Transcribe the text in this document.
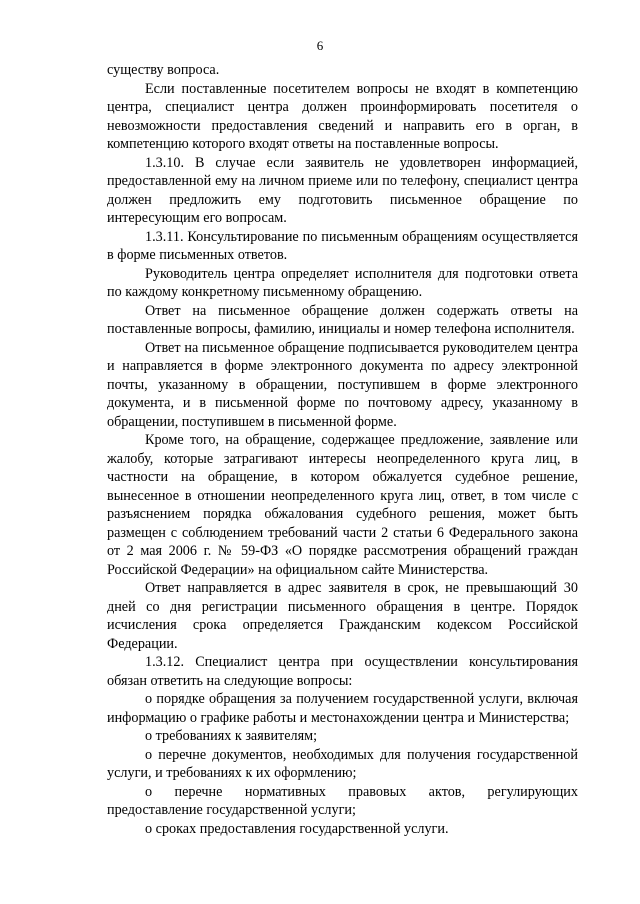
6

существу вопроса.

Если поставленные посетителем вопросы не входят в компетенцию центра, специалист центра должен проинформировать посетителя о невозможности предоставления сведений и направить его в орган, в компетенцию которого входят ответы на поставленные вопросы.

1.3.10. В случае если заявитель не удовлетворен информацией, предоставленной ему на личном приеме или по телефону, специалист центра должен предложить ему подготовить письменное обращение по интересующим его вопросам.

1.3.11. Консультирование по письменным обращениям осуществляется в форме письменных ответов.

Руководитель центра определяет исполнителя для подготовки ответа по каждому конкретному письменному обращению.

Ответ на письменное обращение должен содержать ответы на поставленные вопросы, фамилию, инициалы и номер телефона исполнителя.

Ответ на письменное обращение подписывается руководителем центра и направляется в форме электронного документа по адресу электронной почты, указанному в обращении, поступившем в форме электронного документа, и в письменной форме по почтовому адресу, указанному в обращении, поступившем в письменной форме.

Кроме того, на обращение, содержащее предложение, заявление или жалобу, которые затрагивают интересы неопределенного круга лиц, в частности на обращение, в котором обжалуется судебное решение, вынесенное в отношении неопределенного круга лиц, ответ, в том числе с разъяснением порядка обжалования судебного решения, может быть размещен с соблюдением требований части 2 статьи 6 Федерального закона от 2 мая 2006 г. № 59-ФЗ «О порядке рассмотрения обращений граждан Российской Федерации» на официальном сайте Министерства.

Ответ направляется в адрес заявителя в срок, не превышающий 30 дней со дня регистрации письменного обращения в центре. Порядок исчисления срока определяется Гражданским кодексом Российской Федерации.

1.3.12. Специалист центра при осуществлении консультирования обязан ответить на следующие вопросы:

о порядке обращения за получением государственной услуги, включая информацию о графике работы и местонахождении центра и Министерства;

о требованиях к заявителям;

о перечне документов, необходимых для получения государственной услуги, и требованиях к их оформлению;

о перечне нормативных правовых актов, регулирующих предоставление государственной услуги;

о сроках предоставления государственной услуги.
